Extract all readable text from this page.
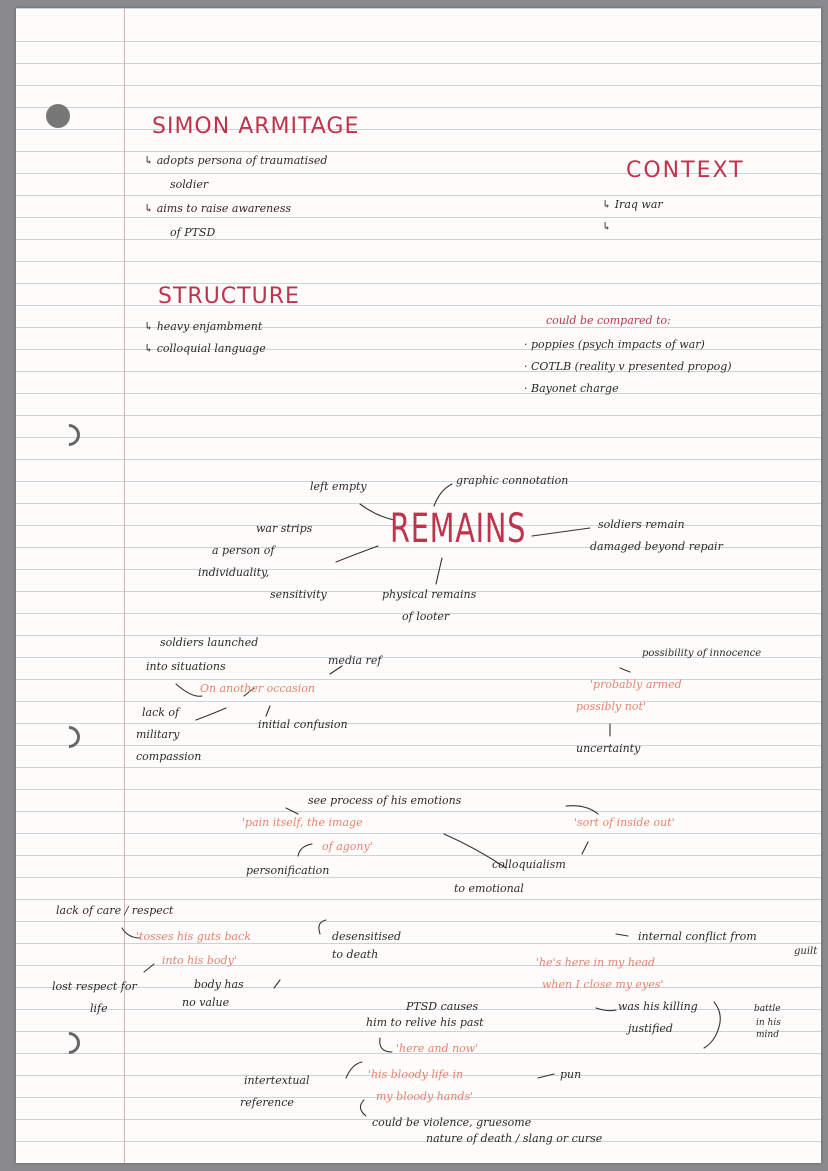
SIMON ARMITAGE
↳ adopts persona of traumatised
soldier
↳ aims to raise awareness
of PTSD
CONTEXT
↳ Iraq war
↳
STRUCTURE
↳ heavy enjambment
↳ colloquial language
could be compared to:
· poppies (psych impacts of war)
· COTLB (reality v presented propog)
· Bayonet charge
left empty	graphic connotation
REMAINS
war strips
a person of
individuality,
sensitivity
soldiers remain
damaged beyond repair
physical remains
of looter
soldiers launched
into situations	media ref
On another occasion
lack of
military
compassion
initial confusion
possibility of innocence
'probably armed
possibly not'
uncertainty
see process of his emotions
'pain itself, the image
of agony'
personification
'sort of inside out'
colloquialism
to emotional
lack of care / respect
'tosses his guts back
into his body'
desensitised
to death
lost respect for
life
body has
no value
internal conflict from
guilt
'he's here in my head
when I close my eyes'
was his killing
justified
battle
in his
mind
PTSD causes
him to relive his past
'here and now'
intertextual
reference
'his bloody life in
my bloody hands'
pun
could be violence, gruesome
nature of death / slang or curse
